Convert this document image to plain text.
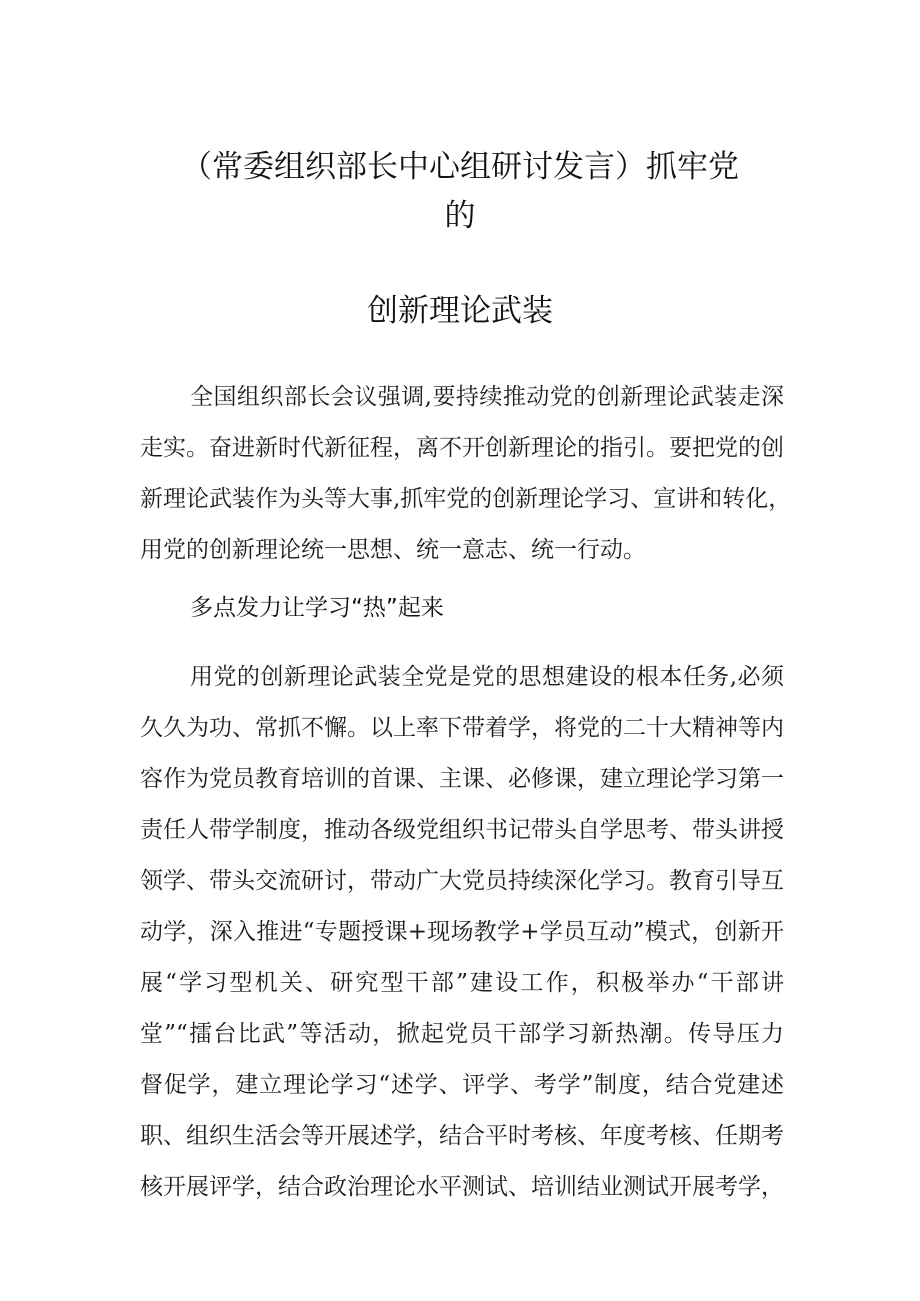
（常委组织部长中心组研讨发言）抓牢党
的
创新理论武装
全国组织部长会议强调,要持续推动党的创新理论武装走深
走实。奋进新时代新征程，离不开创新理论的指引。要把党的创
新理论武装作为头等大事,抓牢党的创新理论学习、宣讲和转化，
用党的创新理论统一思想、统一意志、统一行动。
多点发力让学习“热”起来
用党的创新理论武装全党是党的思想建设的根本任务,必须
久久为功、常抓不懈。以上率下带着学，将党的二十大精神等内
容作为党员教育培训的首课、主课、必修课，建立理论学习第一
责任人带学制度，推动各级党组织书记带头自学思考、带头讲授
领学、带头交流研讨，带动广大党员持续深化学习。教育引导互
动学，深入推进“专题授课+现场教学+学员互动”模式，创新开
展“学习型机关、研究型干部”建设工作，积极举办“干部讲
堂”“擂台比武”等活动，掀起党员干部学习新热潮。传导压力
督促学，建立理论学习“述学、评学、考学”制度，结合党建述
职、组织生活会等开展述学，结合平时考核、年度考核、任期考
核开展评学，结合政治理论水平测试、培训结业测试开展考学，
